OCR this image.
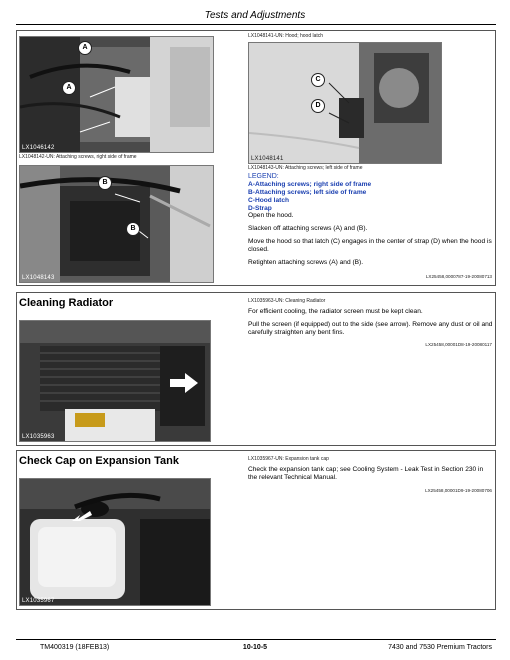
Tests and Adjustments
A
A
LX1046142
LX1048142-UN: Attaching screws, right side of frame
B
B
LX1048143
LX1048141-UN: Hood; hood latch
C
D
LX1048141
LX1048143-UN: Attaching screws; left side of frame
LEGEND:
A-Attaching screws; right side of frame
B-Attaching screws; left side of frame
C-Hood latch
D-Strap

Open the hood.

Slacken off attaching screws (A) and (B).

Move the hood so that latch (C) engages in the center of strap (D) when the hood is closed.

Retighten attaching screws (A) and (B).

LX25458,0000787-19-20080713
Cleaning Radiator
LX1035963
LX1035963-UN: Cleaning Radiator

For efficient cooling, the radiator screen must be kept clean.

Pull the screen (if equipped) out to the side (see arrow). Remove any dust or oil and carefully straighten any bent fins.

LX25458,00001D8-19-20080117
Check Cap on Expansion Tank
LX1035967
LX1035967-UN: Expansion tank cap

Check the expansion tank cap; see Cooling System - Leak Test in Section 230 in the relevant Technical Manual.

LX25458,00001D9-19-20080706
TM400319 (18FEB13)	10-10-5	7430 and 7530 Premium Tractors
